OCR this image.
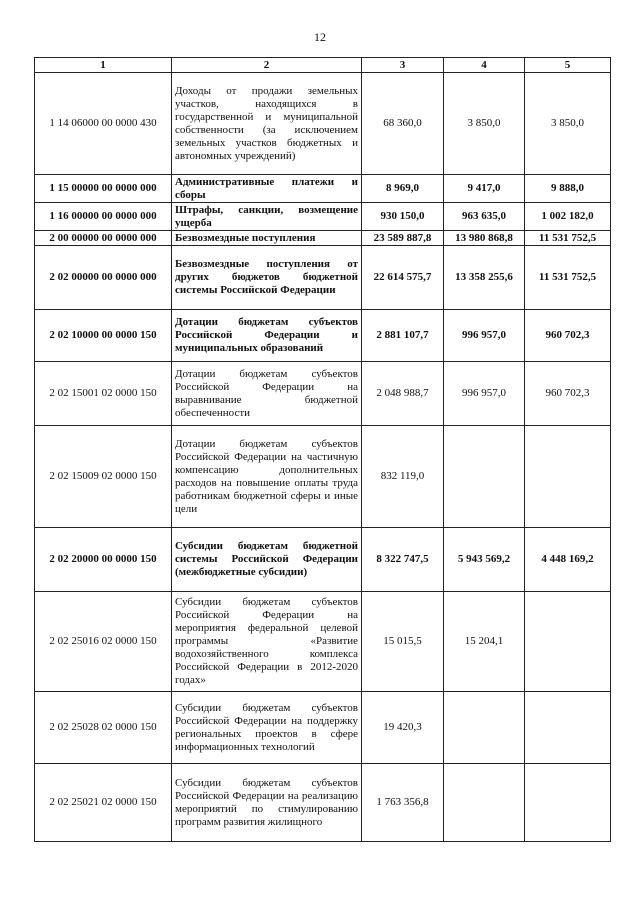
12
1	2	3	4	5
1 14 06000 00 0000 430	Доходы от продажи земельных участков, находящихся в государственной и муниципальной собственности (за исключением земельных участков бюджетных и автономных учреждений)	68 360,0	3 850,0	3 850,0
1 15 00000 00 0000 000	Административные платежи и сборы	8 969,0	9 417,0	9 888,0
1 16 00000 00 0000 000	Штрафы, санкции, возмещение ущерба	930 150,0	963 635,0	1 002 182,0
2 00 00000 00 0000 000	Безвозмездные поступления	23 589 887,8	13 980 868,8	11 531 752,5
2 02 00000 00 0000 000	Безвозмездные поступления от других бюджетов бюджетной системы Российской Федерации	22 614 575,7	13 358 255,6	11 531 752,5
2 02 10000 00 0000 150	Дотации бюджетам субъектов Российской Федерации и муниципальных образований	2 881 107,7	996 957,0	960 702,3
2 02 15001 02 0000 150	Дотации бюджетам субъектов Российской Федерации на выравнивание бюджетной обеспеченности	2 048 988,7	996 957,0	960 702,3
2 02 15009 02 0000 150	Дотации бюджетам субъектов Российской Федерации на частичную компенсацию дополнительных расходов на повышение оплаты труда работникам бюджетной сферы и иные цели	832 119,0		
2 02 20000 00 0000 150	Субсидии бюджетам бюджетной системы Российской Федерации (межбюджетные субсидии)	8 322 747,5	5 943 569,2	4 448 169,2
2 02 25016 02 0000 150	Субсидии бюджетам субъектов Российской Федерации на мероприятия федеральной целевой программы «Развитие водохозяйственного комплекса Российской Федерации в 2012-2020 годах»	15 015,5	15 204,1	
2 02 25028 02 0000 150	Субсидии бюджетам субъектов Российской Федерации на поддержку региональных проектов в сфере информационных технологий	19 420,3		
2 02 25021 02 0000 150	Субсидии бюджетам субъектов Российской Федерации на реализацию мероприятий по стимулированию программ развития жилищного	1 763 356,8		
